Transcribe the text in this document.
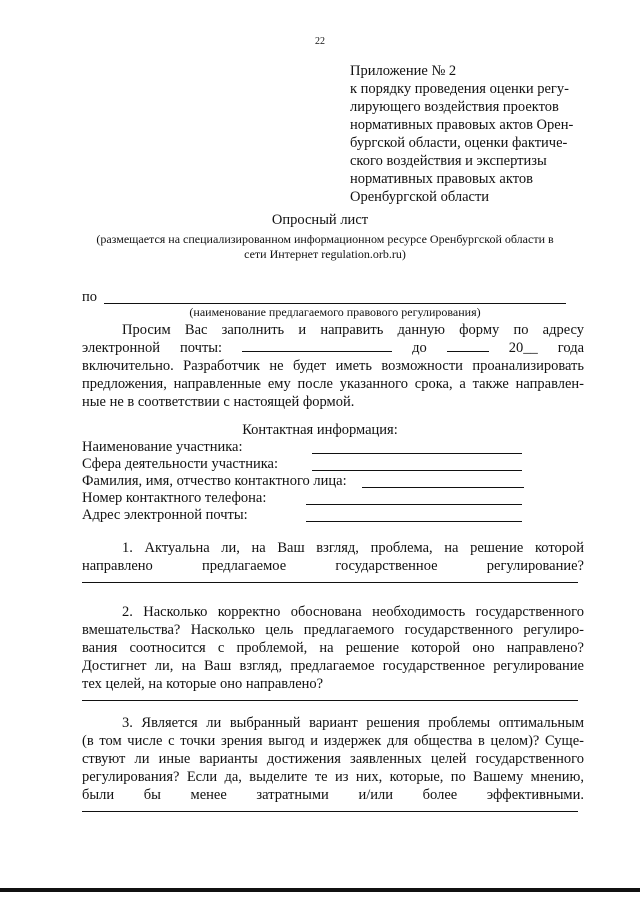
22
Приложение № 2
к порядку проведения оценки регу-
лирующего воздействия проектов
нормативных правовых актов Орен-
бургской области, оценки фактиче-
ского воздействия и экспертизы
нормативных правовых актов
Оренбургской области
Опросный лист
(размещается на специализированном информационном ресурсе Оренбургской области в
сети Интернет regulation.orb.ru)
по
(наименование предлагаемого правового регулирования)
Просим Вас заполнить и направить данную форму по адресу
электронной почты:	до	20__ года
включительно. Разработчик не будет иметь возможности проанализировать
предложения, направленные ему после указанного срока, а также направлен-
ные не в соответствии с настоящей формой.
Контактная информация:
Наименование участника:
Сфера деятельности участника:
Фамилия, имя, отчество контактного лица:
Номер контактного телефона:
Адрес электронной почты:
1. Актуальна ли, на Ваш взгляд, проблема, на решение которой
направлено предлагаемое государственное регулирование?
2. Насколько корректно обоснована необходимость государственного
вмешательства? Насколько цель предлагаемого государственного регулиро-
вания соотносится с проблемой, на решение которой оно направлено?
Достигнет ли, на Ваш взгляд, предлагаемое государственное регулирование
тех целей, на которые оно направлено?
3. Является ли выбранный вариант решения проблемы оптимальным
(в том числе с точки зрения выгод и издержек для общества в целом)? Суще-
ствуют ли иные варианты достижения заявленных целей государственного
регулирования? Если да, выделите те из них, которые, по Вашему мнению,
были бы менее затратными и/или более эффективными.
